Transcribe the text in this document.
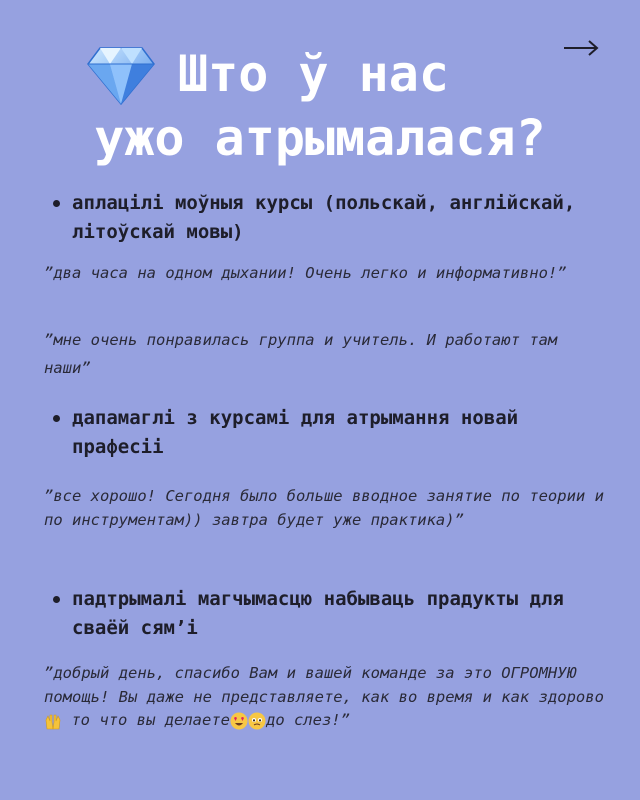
Што ў нас
ужо атрымалася?
аплацілі моўныя курсы (польскай, англійскай, літоўскай мовы)

”два часа на одном дыхании! Очень легко и информативно!”

”мне очень понравилась группа и учитель. И работают там наши”

дапамаглі з курсамі для атрымання новай прафесіі

”все хорошо! Сегодня было больше вводное занятие по теории и по инструментам)) завтра будет уже практика)”

падтрымалі магчымасцю набываць прадукты для сваёй сям’і

”добрый день, спасибо Вам и вашей команде за это ОГРОМНУЮ помощь! Вы даже не представляете, как во время и как здорово  то что вы делаете до слез!”
